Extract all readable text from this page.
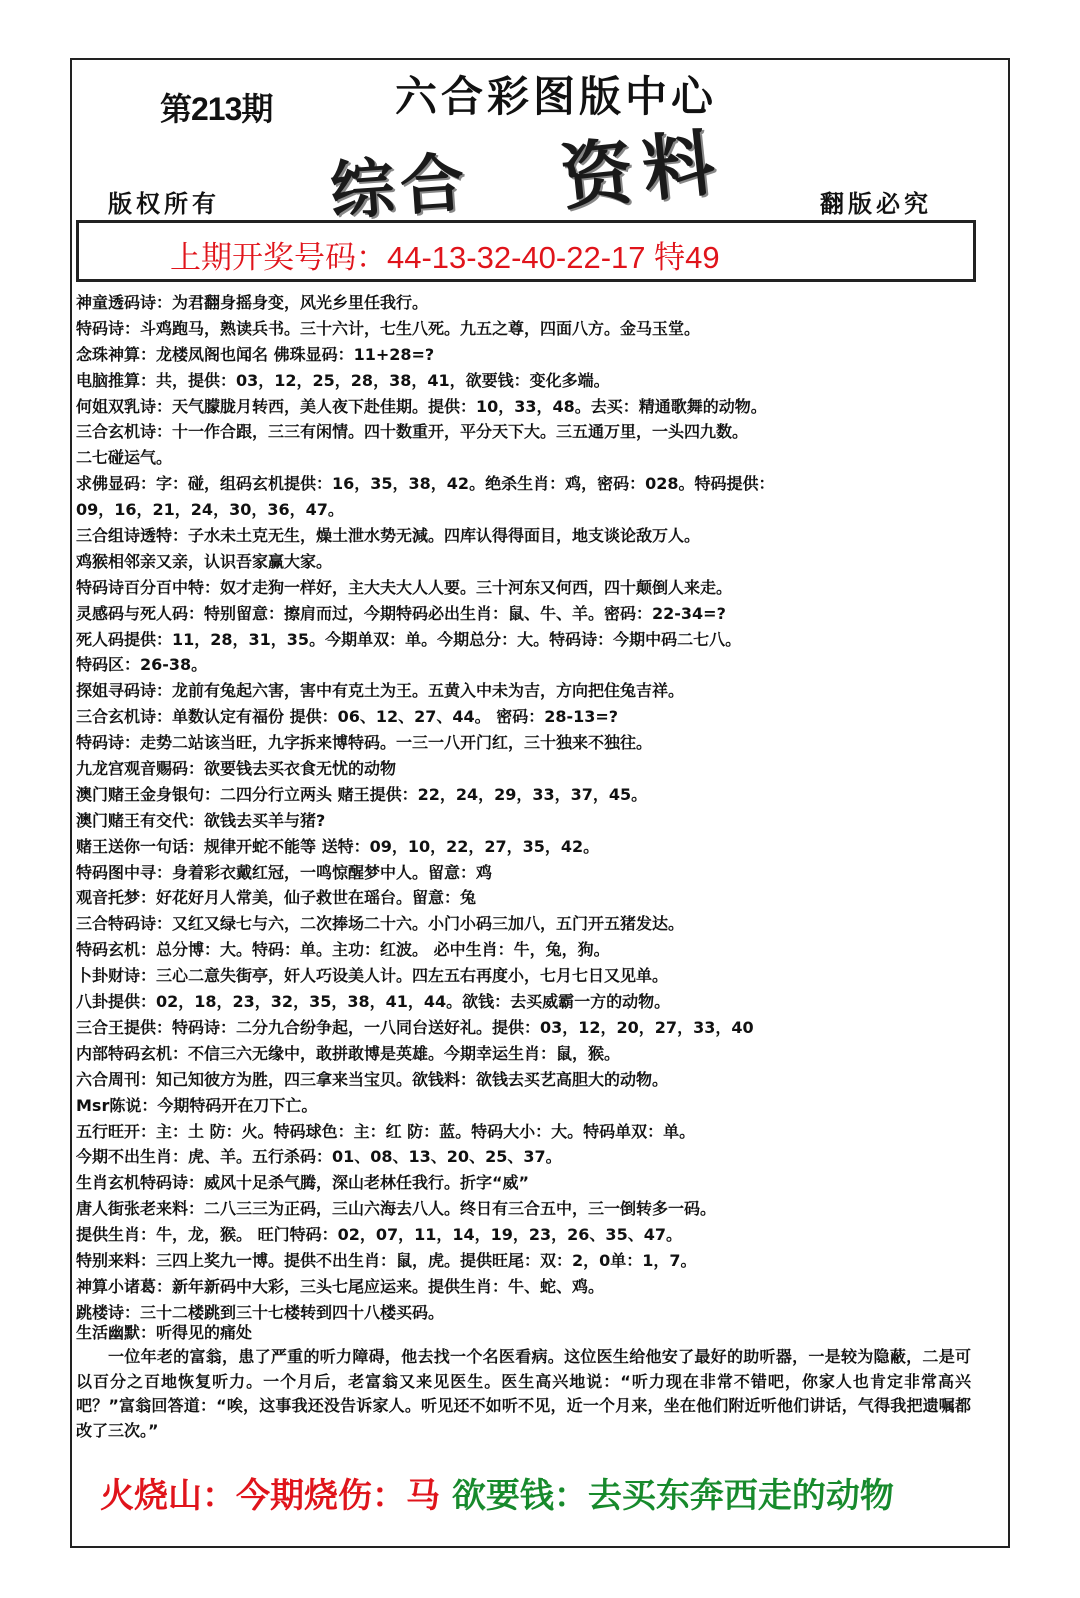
第213期	六合彩图版中心
综合 资料
版权所有	翻版必究
上期开奖号码：44-13-32-40-22-17 特49
神童透码诗：为君翻身摇身变，风光乡里任我行。
特码诗：斗鸡跑马，熟读兵书。三十六计，七生八死。九五之尊，四面八方。金马玉堂。
念珠神算：龙楼凤阁也闻名 佛珠显码：11+28=?
电脑推算：共，提供：03，12，25，28，38，41，欲要钱：变化多端。
何姐双乳诗：天气朦胧月转西，美人夜下赴佳期。提供：10，33，48。去买：精通歌舞的动物。
三合玄机诗：十一作合跟，三三有闲情。四十数重开，平分天下大。三五通万里，一头四九数。
二七碰运气。
求佛显码：字：碰，组码玄机提供：16，35，38，42。绝杀生肖：鸡，密码：028。特码提供：
09，16，21，24，30，36，47。
三合组诗透特：子水未土克无生，燥土泄水势无減。四库认得得面目，地支谈论敌万人。
鸡猴相邻亲又亲，认识吾家赢大家。
特码诗百分百中特：奴才走狗一样好，主大夫大人人要。三十河东又何西，四十颠倒人来走。
灵感码与死人码：特别留意：擦肩而过，今期特码必出生肖：鼠、牛、羊。密码：22-34=?
死人码提供：11，28，31，35。今期单双：单。今期总分：大。特码诗：今期中码二七八。
特码区：26-38。
探姐寻码诗：龙前有兔起六害，害中有克土为王。五黄入中未为吉，方向把住兔吉祥。
三合玄机诗：单数认定有福份 提供：06、12、27、44。 密码：28-13=?
特码诗：走势二站该当旺，九字拆来博特码。一三一八开门红，三十独来不独往。
九龙宫观音赐码：欲要钱去买衣食无忧的动物
澳门赌王金身银句：二四分行立两头 赌王提供：22，24，29，33，37，45。
澳门赌王有交代：欲钱去买羊与猪?
赌王送你一句话：规律开蛇不能等 送特：09，10，22，27，35，42。
特码图中寻：身着彩衣戴红冠，一鸣惊醒梦中人。留意：鸡
观音托梦：好花好月人常美，仙子救世在瑶台。留意：兔
三合特码诗：又红又绿七与六，二次捧场二十六。小门小码三加八，五门开五猪发达。
特码玄机：总分博：大。特码：单。主功：红波。 必中生肖：牛，兔，狗。
卜卦财诗：三心二意失街亭，奸人巧设美人计。四左五右再度小，七月七日又见单。
八卦提供：02，18，23，32，35，38，41，44。欲钱：去买威霸一方的动物。
三合王提供：特码诗：二分九合纷争起，一八同台送好礼。提供：03，12，20，27，33，40
内部特码玄机：不信三六无缘中，敢拼敢博是英雄。今期幸运生肖：鼠，猴。
六合周刊：知己知彼方为胜，四三拿来当宝贝。欲钱料：欲钱去买艺高胆大的动物。
Msr陈说：今期特码开在刀下亡。
五行旺开：主：土 防：火。特码球色：主：红 防：蓝。特码大小：大。特码单双：单。
今期不出生肖：虎、羊。五行杀码：01、08、13、20、25、37。
生肖玄机特码诗：威风十足杀气腾，深山老林任我行。折字“威”
唐人街张老来料：二八三三为正码，三山六海去八人。终日有三合五中，三一倒转多一码。
提供生肖：牛，龙，猴。 旺门特码：02，07，11，14，19，23，26、35、47。
特别来料：三四上奖九一博。提供不出生肖：鼠，虎。提供旺尾：双：2，0单：1，7。
神算小诸葛：新年新码中大彩，三头七尾应运来。提供生肖：牛、蛇、鸡。
跳楼诗：三十二楼跳到三十七楼转到四十八楼买码。
生活幽默：听得见的痛处
一位年老的富翁，患了严重的听力障碍，他去找一个名医看病。这位医生给他安了最好的助听器，一是较为隐蔽，二是可以百分之百地恢复听力。一个月后，老富翁又来见医生。医生高兴地说：“听力现在非常不错吧，你家人也肯定非常高兴吧？”富翁回答道：“唉，这事我还没告诉家人。听见还不如听不见，近一个月来，坐在他们附近听他们讲话，气得我把遗嘱都改了三次。”
火烧山：今期烧伤：马 欲要钱：去买东奔西走的动物
